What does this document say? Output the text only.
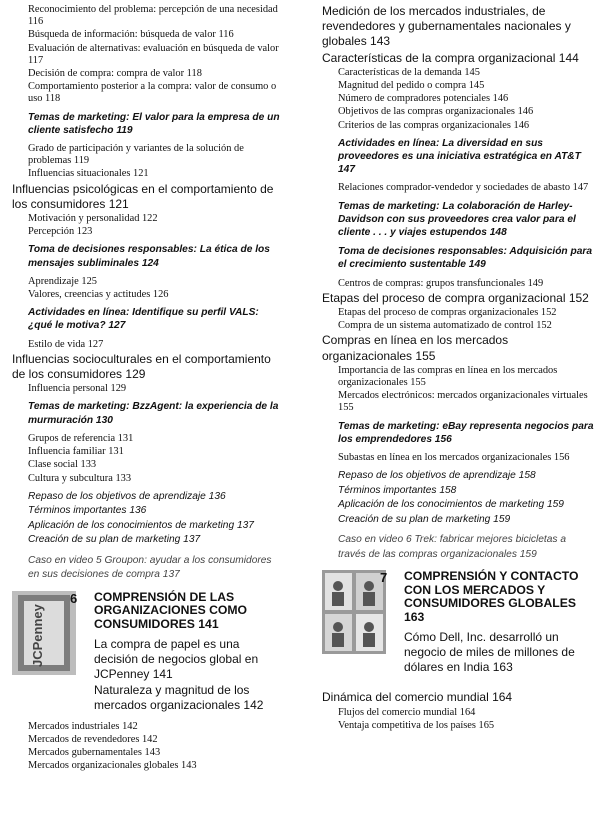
Reconocimiento del problema: percepción de una necesidad 116

Búsqueda de información: búsqueda de valor 116

Evaluación de alternativas: evaluación en búsqueda de valor 117

Decisión de compra: compra de valor 118

Comportamiento posterior a la compra: valor de consumo o uso 118

Temas de marketing: El valor para la empresa de un cliente satisfecho 119

Grado de participación y variantes de la solución de problemas 119

Influencias situacionales 121

Influencias psicológicas en el comportamiento de los consumidores 121

Motivación y personalidad 122

Percepción 123

Toma de decisiones responsables: La ética de los mensajes subliminales 124

Aprendizaje 125

Valores, creencias y actitudes 126

Actividades en línea: Identifique su perfil VALS: ¿qué le motiva? 127

Estilo de vida 127

Influencias socioculturales en el comportamiento de los consumidores 129

Influencia personal 129

Temas de marketing: BzzAgent: la experiencia de la murmuración 130

Grupos de referencia 131

Influencia familiar 131

Clase social 133

Cultura y subcultura 133

Repaso de los objetivos de aprendizaje 136

Términos importantes 136

Aplicación de los conocimientos de marketing 137

Creación de su plan de marketing 137

Caso en video 5 Groupon: ayudar a los consumidores en sus decisiones de compra 137

JCPenney
6 COMPRENSIÓN DE LAS ORGANIZACIONES COMO CONSUMIDORES 141
La compra de papel es una decisión de negocios global en JCPenney 141
Naturaleza y magnitud de los mercados organizacionales 142

Mercados industriales 142

Mercados de revendedores 142

Mercados gubernamentales 143

Mercados organizacionales globales 143

Medición de los mercados industriales, de revendedores y gubernamentales nacionales y globales 143

Características de la compra organizacional 144

Características de la demanda 145

Magnitud del pedido o compra 145

Número de compradores potenciales 146

Objetivos de las compras organizacionales 146

Criterios de las compras organizacionales 146

Actividades en línea: La diversidad en sus proveedores es una iniciativa estratégica en AT&T 147

Relaciones comprador-vendedor y sociedades de abasto 147

Temas de marketing: La colaboración de Harley-Davidson con sus proveedores crea valor para el cliente . . . y viajes estupendos 148

Toma de decisiones responsables: Adquisición para el crecimiento sustentable 149

Centros de compras: grupos transfuncionales 149

Etapas del proceso de compra organizacional 152

Etapas del proceso de compras organizacionales 152

Compra de un sistema automatizado de control 152

Compras en línea en los mercados organizacionales 155

Importancia de las compras en línea en los mercados organizacionales 155

Mercados electrónicos: mercados organizacionales virtuales 155

Temas de marketing: eBay representa negocios para los emprendedores 156

Subastas en línea en los mercados organizacionales 156

Repaso de los objetivos de aprendizaje 158

Términos importantes 158

Aplicación de los conocimientos de marketing 159

Creación de su plan de marketing 159

Caso en video 6 Trek: fabricar mejores bicicletas a través de las compras organizacionales 159

7 COMPRENSIÓN Y CONTACTO CON LOS MERCADOS Y CONSUMIDORES GLOBALES 163
Cómo Dell, Inc. desarrolló un negocio de miles de millones de dólares en India 163

Dinámica del comercio mundial 164

Flujos del comercio mundial 164

Ventaja competitiva de los países 165
